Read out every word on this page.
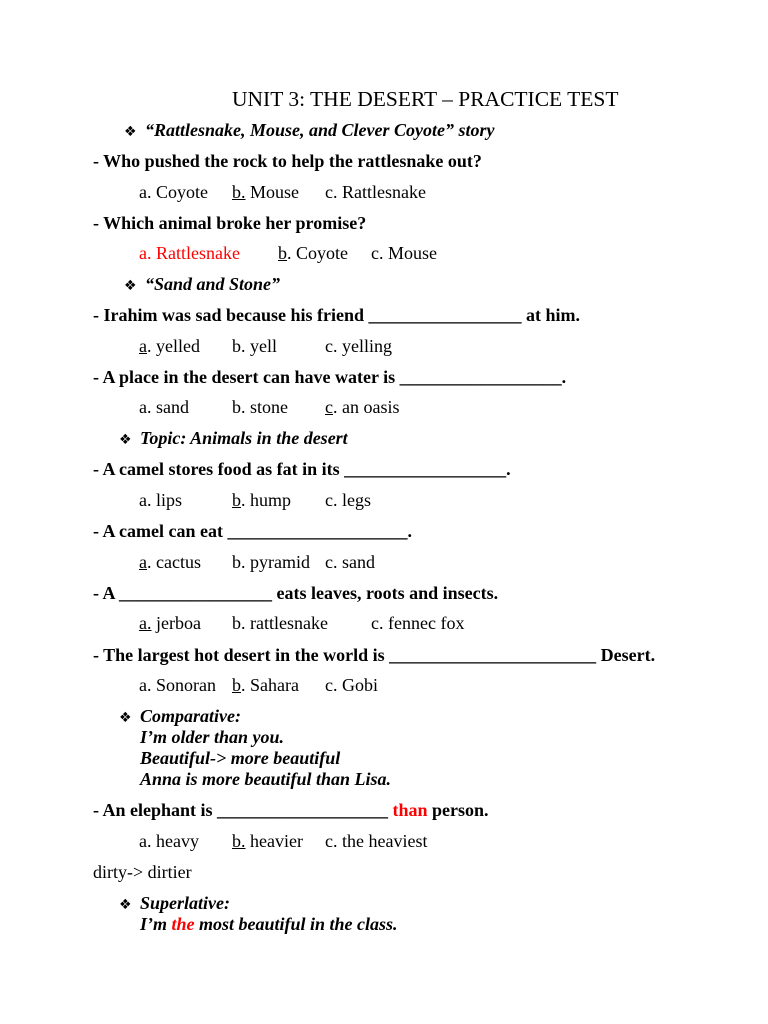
UNIT 3: THE DESERT – PRACTICE TEST
❖ “Rattlesnake, Mouse, and Clever Coyote” story
- Who pushed the rock to help the rattlesnake out?
a. Coyote b. Mouse c. Rattlesnake
- Which animal broke her promise?
a. Rattlesnake b. Coyote c. Mouse
❖ “Sand and Stone”
- Irahim was sad because his friend _________________ at him.
a. yelled b. yell	c. yelling
- A place in the desert can have water is __________________.
a. sand b. stone c. an oasis
❖ Topic: Animals in the desert
- A camel stores food as fat in its __________________.
a. lips	b. hump c. legs
- A camel can eat ____________________.
a. cactus b. pyramid c. sand
- A _________________ eats leaves, roots and insects.
a. jerboa b. rattlesnake c. fennec fox
- The largest hot desert in the world is _______________________ Desert.
a. Sonoran b. Sahara c. Gobi
❖ Comparative:
I’m older than you.
Beautiful-> more beautiful
Anna is more beautiful than Lisa.
- An elephant is ___________________ than person.
a. heavy b. heavier c. the heaviest
dirty-> dirtier
❖ Superlative:
I’m the most beautiful in the class.
